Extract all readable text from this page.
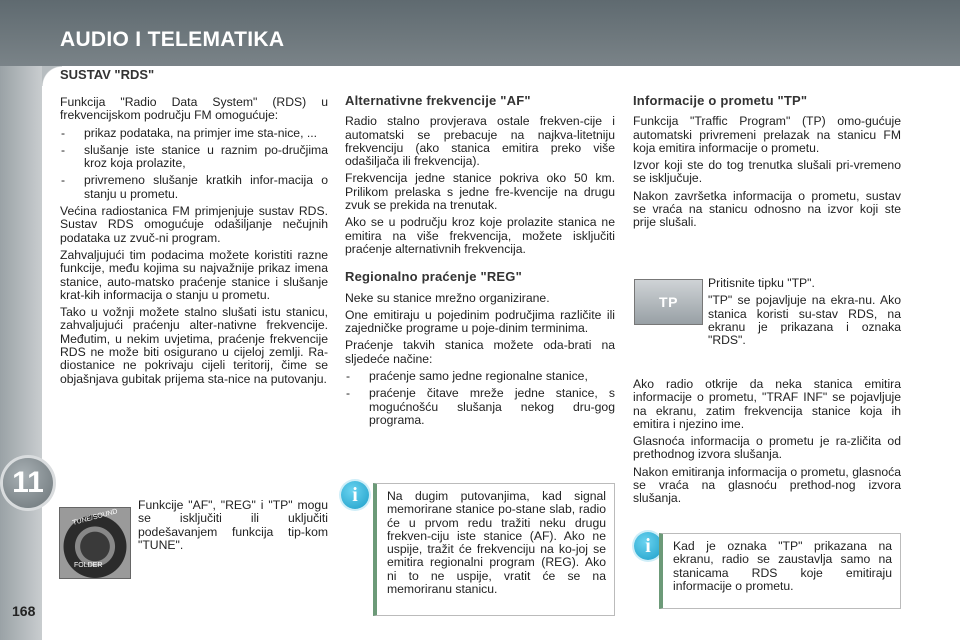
AUDIO I TELEMATIKA
11
168
SUSTAV "RDS"

Funkcija "Radio Data System" (RDS) u frekvencijskom području FM omogućuje:

- prikaz podataka, na primjer ime sta-nice, ...
- slušanje iste stanice u raznim po-dručjima kroz koja prolazite,
- privremeno slušanje kratkih infor-macija o stanju u prometu.

Većina radiostanica FM primjenjuje sustav RDS. Sustav RDS omogućuje odašiljanje nečujnih podataka uz zvuč-ni program.

Zahvaljujući tim podacima možete koristiti razne funkcije, među kojima su najvažnije prikaz imena stanice, auto-matsko praćenje stanice i slušanje krat-kih informacija o stanju u prometu.

Tako u vožnji možete stalno slušati istu stanicu, zahvaljujući praćenju alter-nativne frekvencije. Međutim, u nekim uvjetima, praćenje frekvencije RDS ne može biti osigurano u cijeloj zemlji. Ra-diostanice ne pokrivaju cijeli teritorij, čime se objašnjava gubitak prijema sta-nice na putovanju.

TUNE/SOUND
FOLDER

Funkcije "AF", "REG" i "TP" mogu se isključiti ili uključiti podešavanjem funkcija tip-kom "TUNE".

Alternativne frekvencije "AF"

Radio stalno provjerava ostale frekven-cije i automatski se prebacuje na najkva-litetniju frekvenciju (ako stanica emitira preko više odašiljača ili frekvencija).

Frekvencija jedne stanice pokriva oko 50 km. Prilikom prelaska s jedne fre-kvencije na drugu zvuk se prekida na trenutak.

Ako se u području kroz koje prolazite stanica ne emitira na više frekvencija, možete isključiti praćenje alternativnih frekvencija.

Regionalno praćenje "REG"

Neke su stanice mrežno organizirane.

One emitiraju u pojedinim područjima različite ili zajedničke programe u poje-dinim terminima.

Praćenje takvih stanica možete oda-brati na sljedeće načine:

- praćenje samo jedne regionalne stanice,
- praćenje čitave mreže jedne stanice, s mogućnošću slušanja nekog dru-gog programa.
i	Na dugim putovanjima, kad signal memorirane stanice po-stane slab, radio će u prvom redu tražiti neku drugu frekven-ciju iste stanice (AF). Ako ne uspije, tražit će frekvenciju na ko-joj se emitira regionalni program (REG). Ako ni to ne uspije, vratit će se na memoriranu stanicu.
Informacije o prometu "TP"

Funkcija "Traffic Program" (TP) omo-gućuje automatski privremeni prelazak na stanicu FM koja emitira informacije o prometu.

Izvor koji ste do tog trenutka slušali pri-vremeno se isključuje.

Nakon završetka informacija o prometu, sustav se vraća na stanicu odnosno na izvor koji ste prije slušali.

TP

Pritisnite tipku "TP".

"TP" se pojavljuje na ekra-nu. Ako stanica koristi su-stav RDS, na ekranu je prikazana i oznaka "RDS".

Ako radio otkrije da neka stanica emitira informacije o prometu, "TRAF INF" se pojavljuje na ekranu, zatim frekvencija stanice koja ih emitira i njezino ime.

Glasnoća informacija o prometu je ra-zličita od prethodnog izvora slušanja.

Nakon emitiranja informacija o prometu, glasnoća se vraća na glasnoću prethod-nog izvora slušanja.

i	Kad je oznaka "TP" prikazana na ekranu, radio se zaustavlja samo na stanicama RDS koje emitiraju informacije o prometu.
